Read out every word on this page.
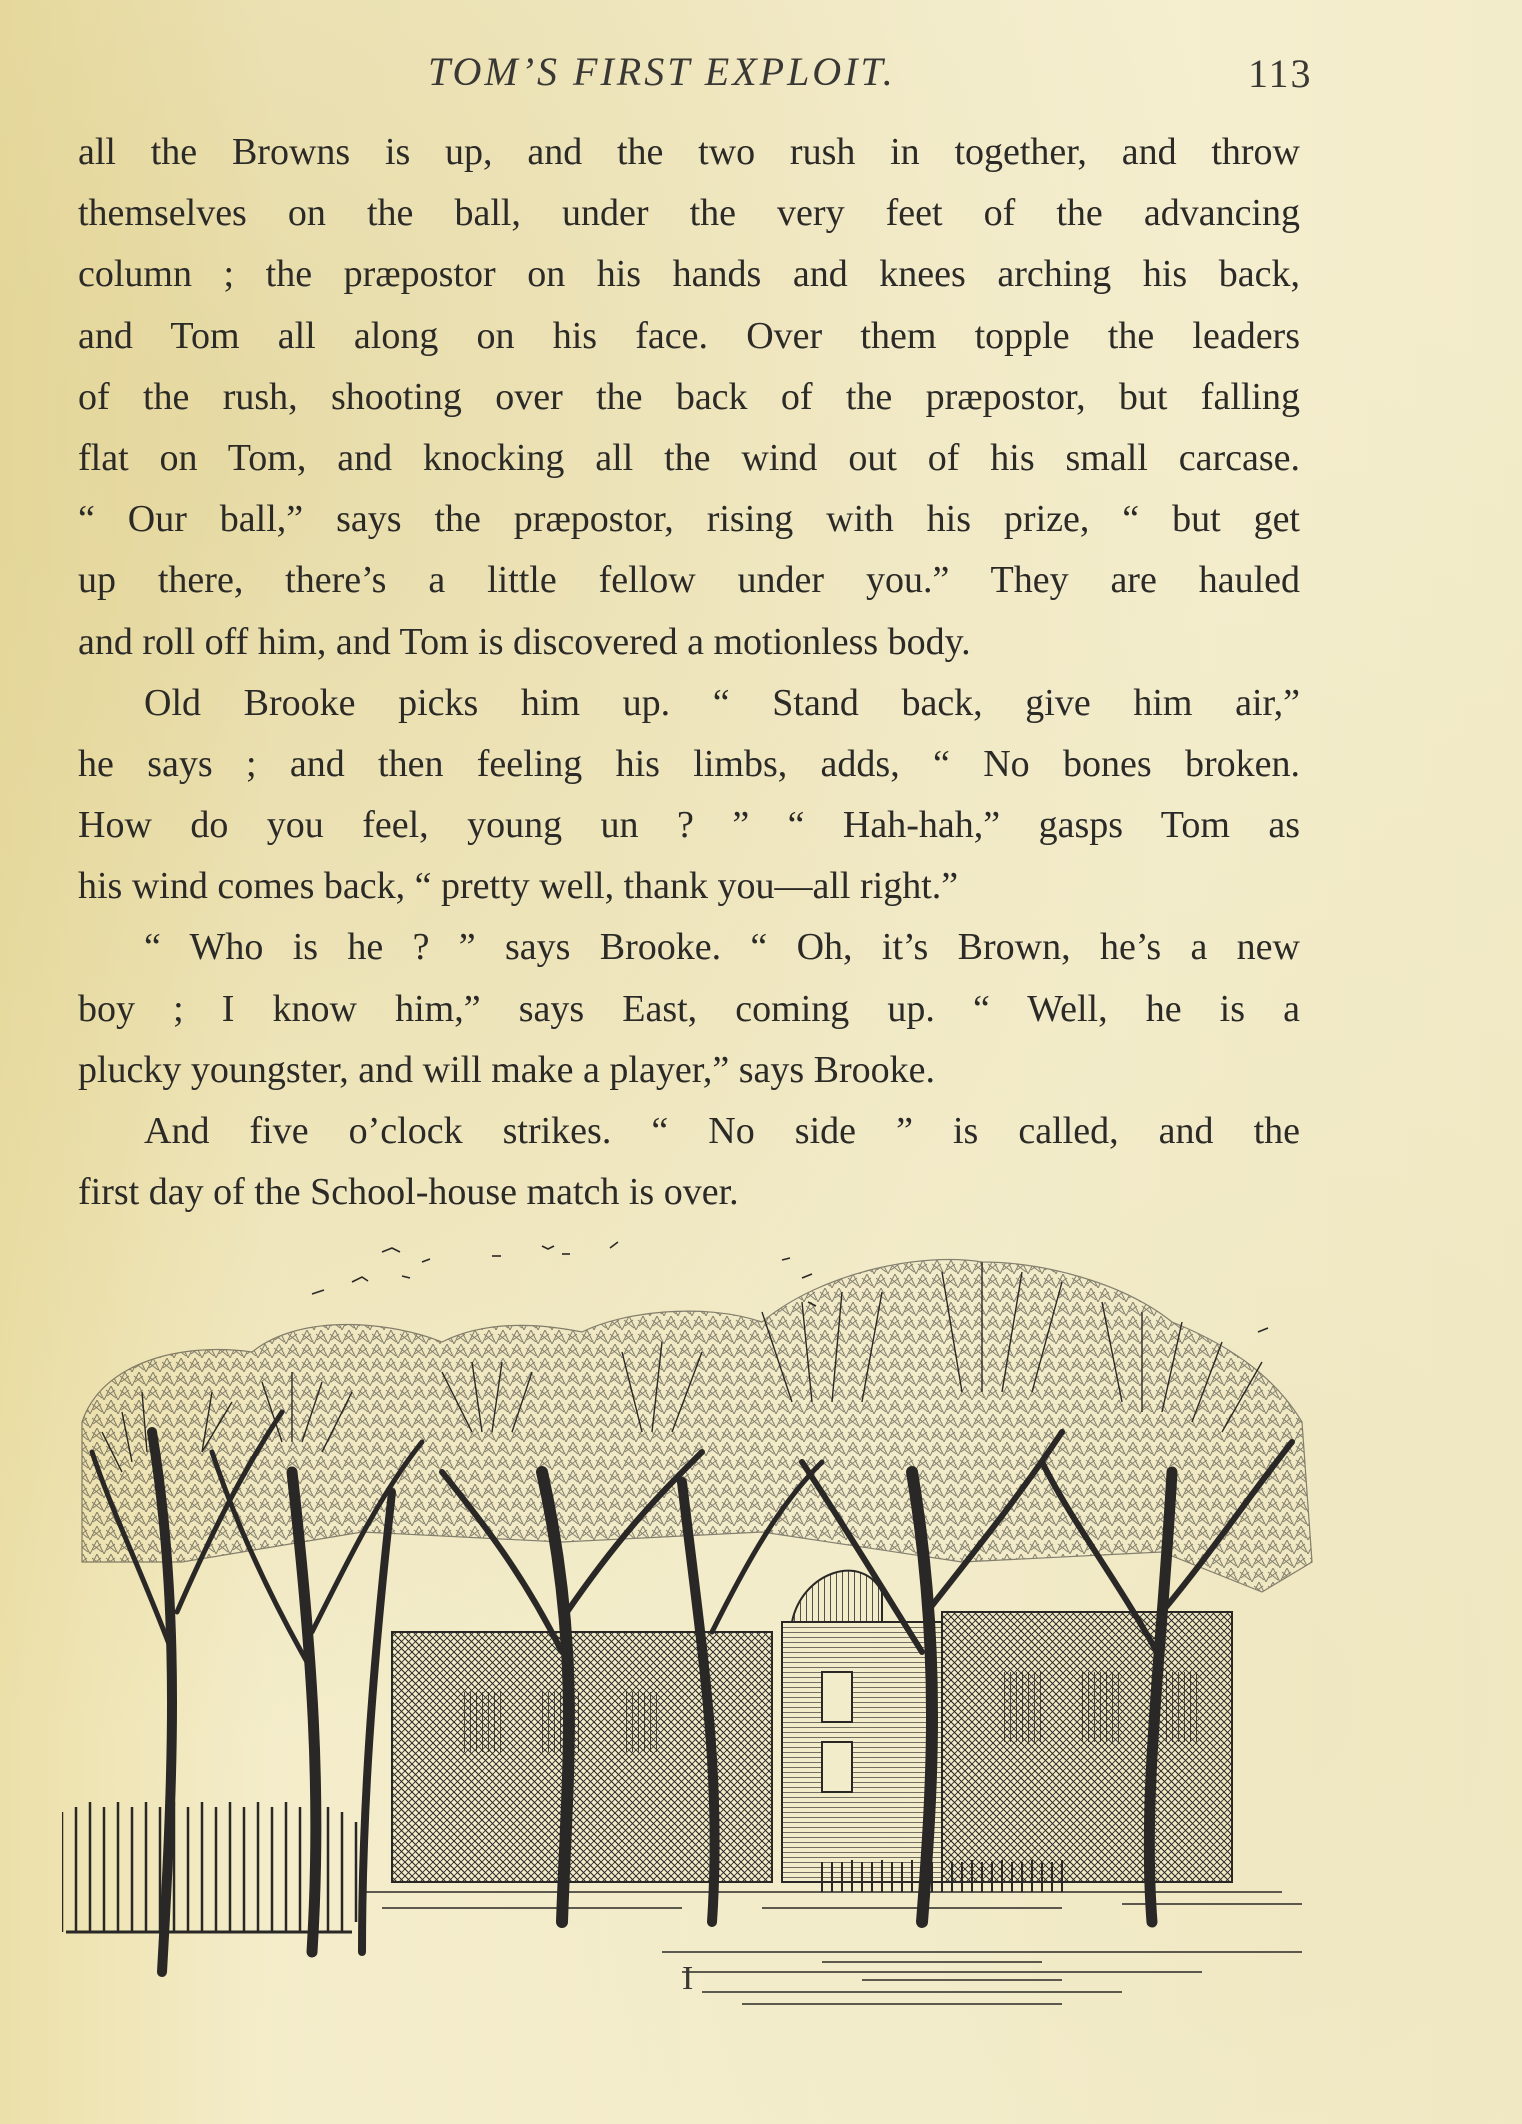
TOM’S FIRST EXPLOIT.	113
all the Browns is up, and the two rush in together, and throw
themselves on the ball, under the very feet of the advancing
column ; the præpostor on his hands and knees arching his back,
and Tom all along on his face. Over them topple the leaders
of the rush, shooting over the back of the præpostor, but falling
flat on Tom, and knocking all the wind out of his small carcase.
“ Our ball,” says the præpostor, rising with his prize, “ but get
up there, there’s a little fellow under you.” They are hauled
and roll off him, and Tom is discovered a motionless body.
Old Brooke picks him up. “ Stand back, give him air,”
he says ; and then feeling his limbs, adds, “ No bones broken.
How do you feel, young un ? ” “ Hah-hah,” gasps Tom as
his wind comes back, “ pretty well, thank you—all right.”
“ Who is he ? ” says Brooke. “ Oh, it’s Brown, he’s a new
boy ; I know him,” says East, coming up. “ Well, he is a
plucky youngster, and will make a player,” says Brooke.
And five o’clock strikes. “ No side ” is called, and the
first day of the School-house match is over.
I
